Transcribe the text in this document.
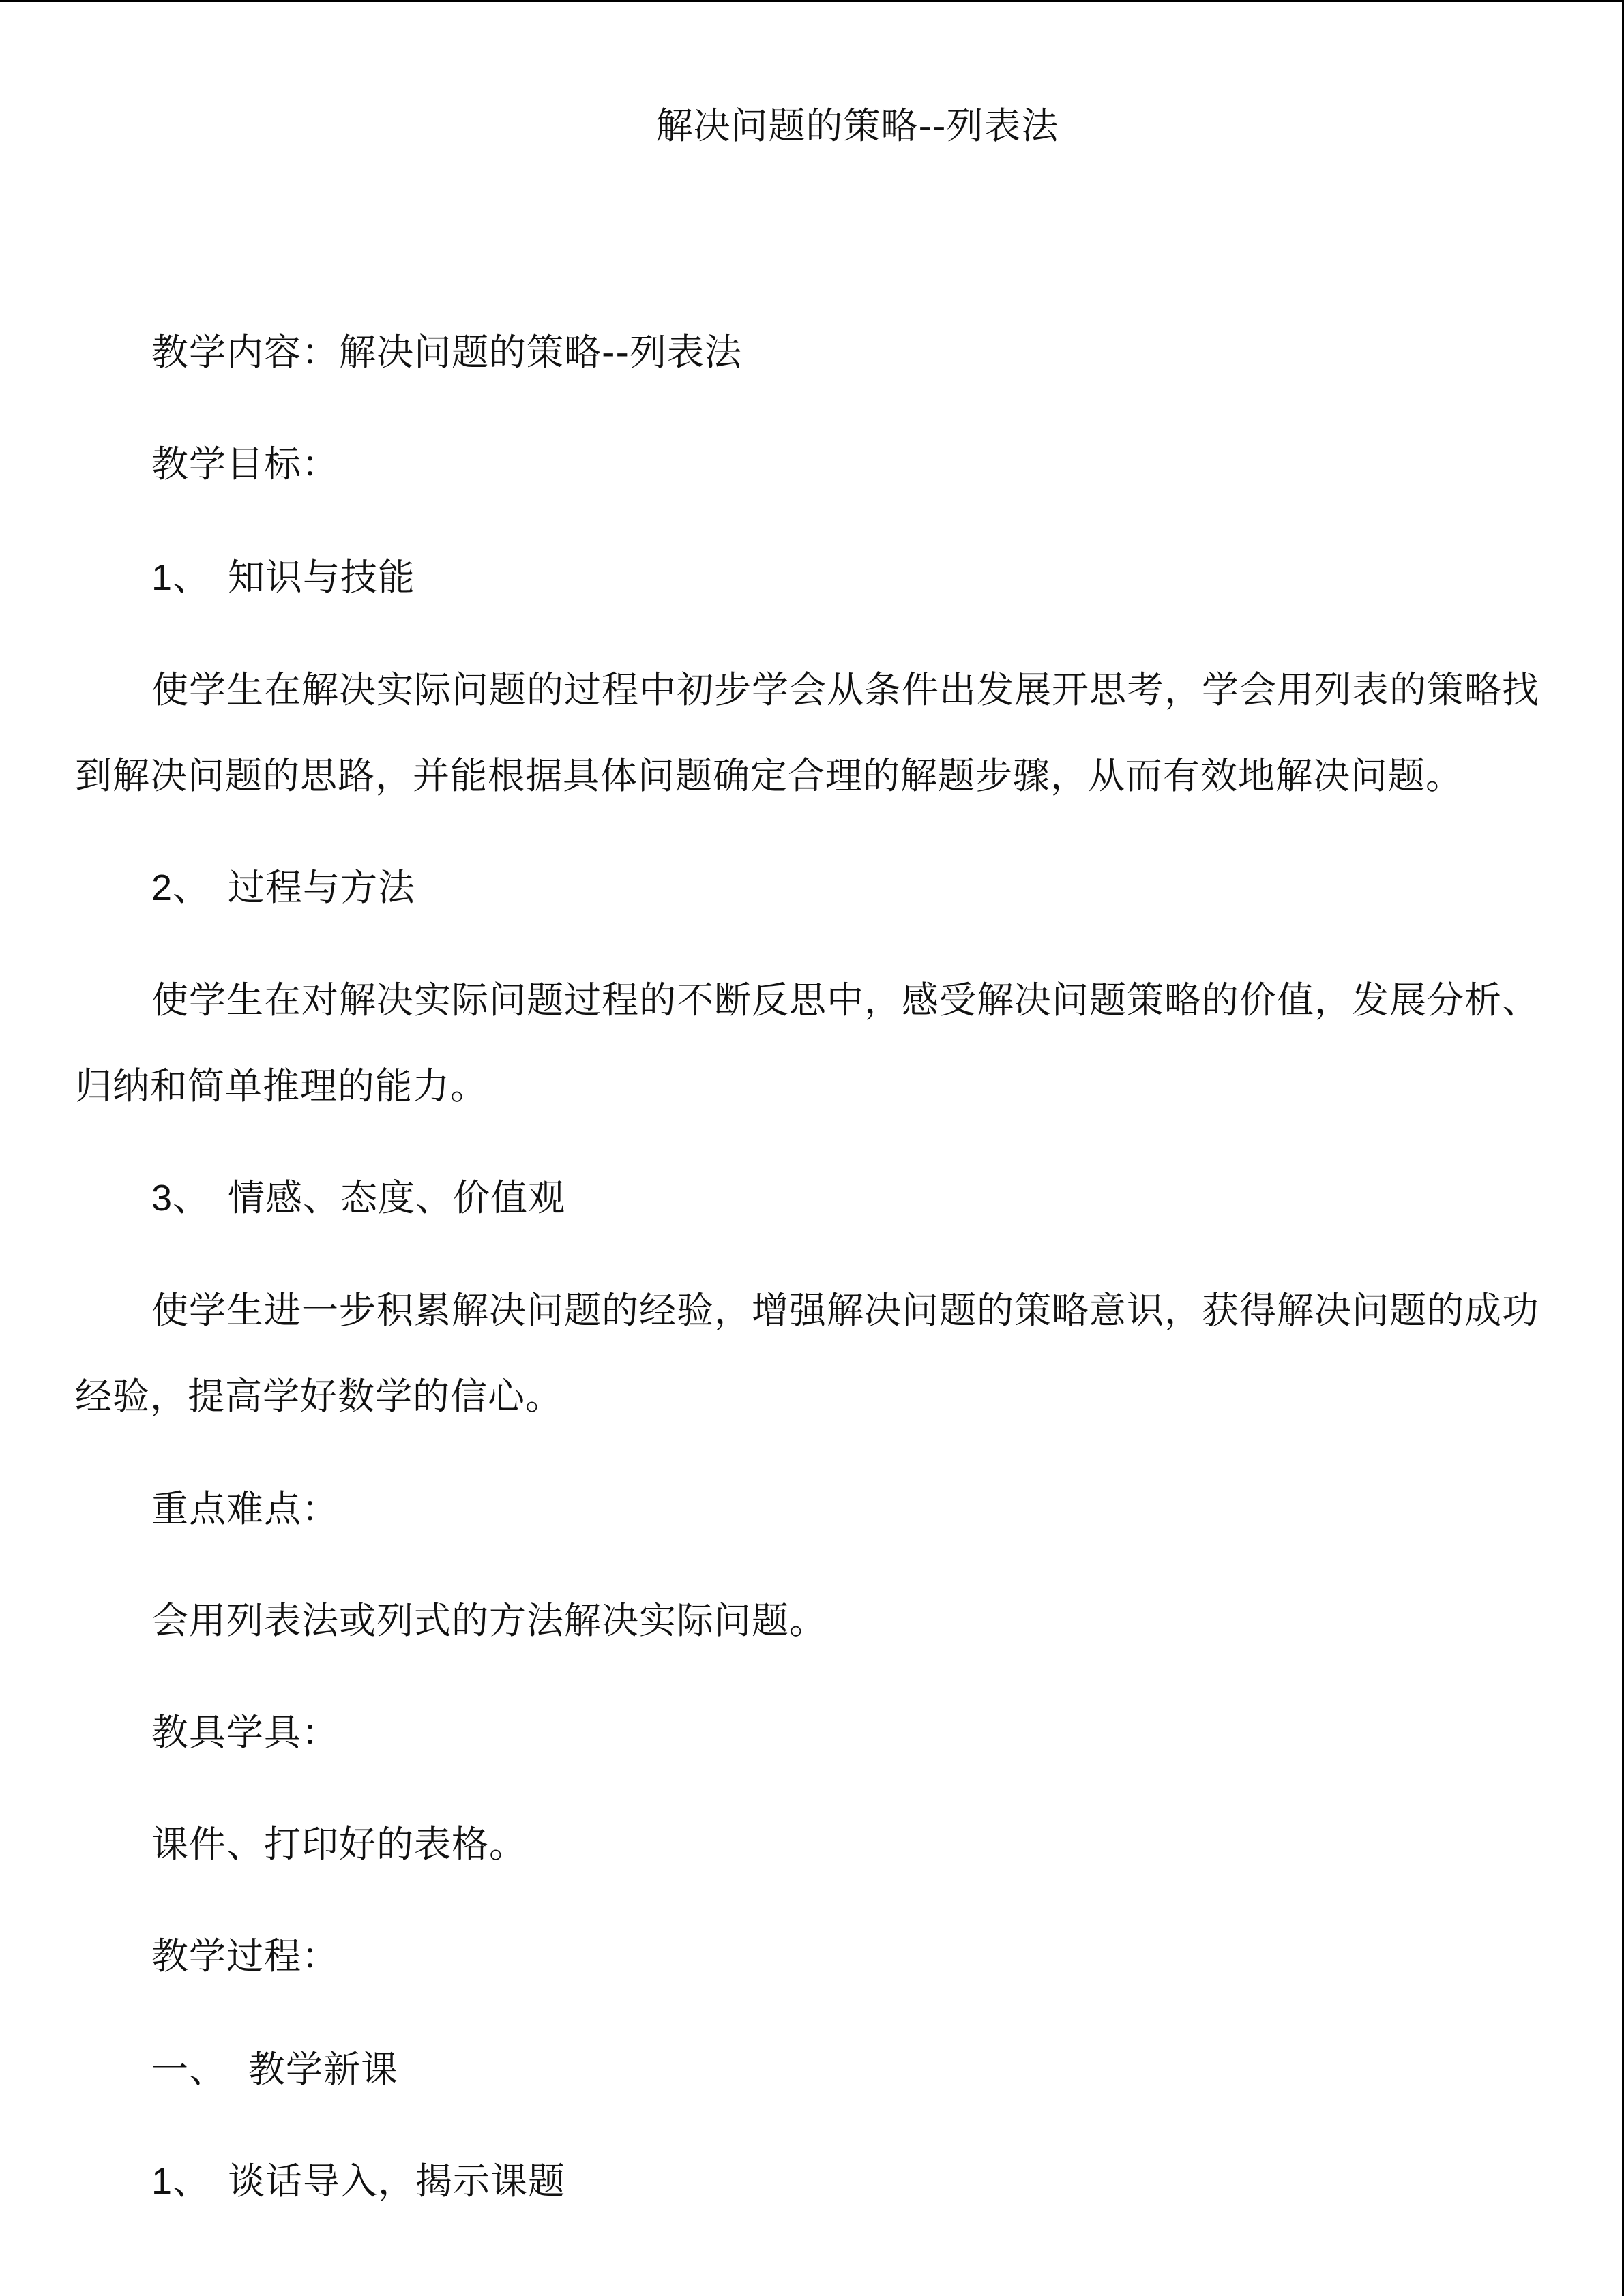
解决问题的策略--列表法
教学内容：解决问题的策略--列表法
教学目标：
1、 知识与技能
使学生在解决实际问题的过程中初步学会从条件出发展开思考，学会用列表的策略找
到解决问题的思路，并能根据具体问题确定合理的解题步骤，从而有效地解决问题。
2、 过程与方法
使学生在对解决实际问题过程的不断反思中，感受解决问题策略的价值，发展分析、
归纳和简单推理的能力。
3、 情感、态度、价值观
使学生进一步积累解决问题的经验，增强解决问题的策略意识，获得解决问题的成功
经验，提高学好数学的信心。
重点难点：
会用列表法或列式的方法解决实际问题。
教具学具：
课件、打印好的表格。
教学过程：
一、 教学新课
1、 谈话导入，揭示课题
